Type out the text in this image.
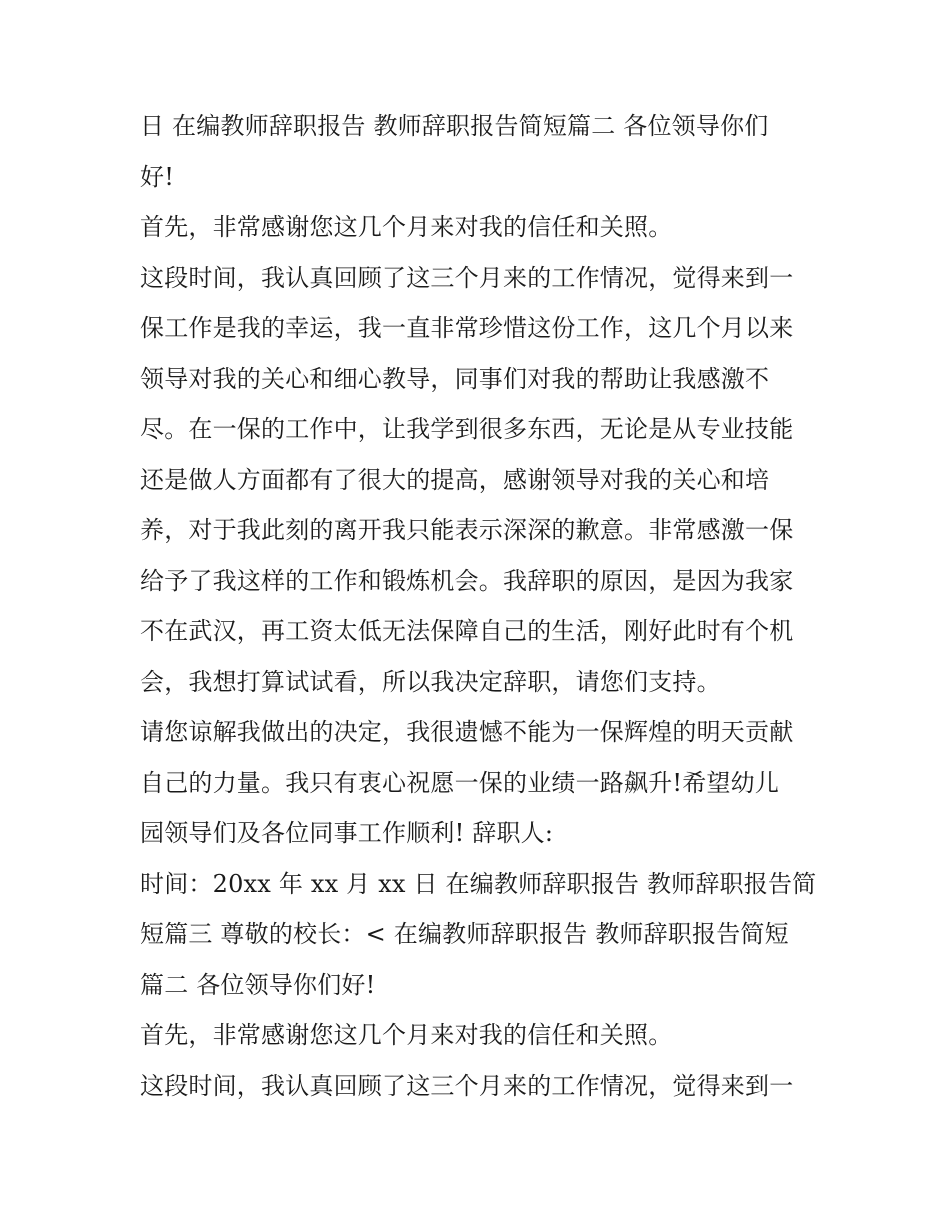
日 在编教师辞职报告 教师辞职报告简短篇二 各位领导你们
好!
首先，非常感谢您这几个月来对我的信任和关照。
这段时间，我认真回顾了这三个月来的工作情况，觉得来到一
保工作是我的幸运，我一直非常珍惜这份工作，这几个月以来
领导对我的关心和细心教导，同事们对我的帮助让我感激不
尽。在一保的工作中，让我学到很多东西，无论是从专业技能
还是做人方面都有了很大的提高，感谢领导对我的关心和培
养，对于我此刻的离开我只能表示深深的歉意。非常感激一保
给予了我这样的工作和锻炼机会。我辞职的原因，是因为我家
不在武汉，再工资太低无法保障自己的生活，刚好此时有个机
会，我想打算试试看，所以我决定辞职，请您们支持。
请您谅解我做出的决定，我很遗憾不能为一保辉煌的明天贡献
自己的力量。我只有衷心祝愿一保的业绩一路飙升!希望幼儿
园领导们及各位同事工作顺利! 辞职人:
时间：20xx 年 xx 月 xx 日 在编教师辞职报告 教师辞职报告简
短篇三 尊敬的校长：< 在编教师辞职报告 教师辞职报告简短
篇二 各位领导你们好!
首先，非常感谢您这几个月来对我的信任和关照。
这段时间，我认真回顾了这三个月来的工作情况，觉得来到一
